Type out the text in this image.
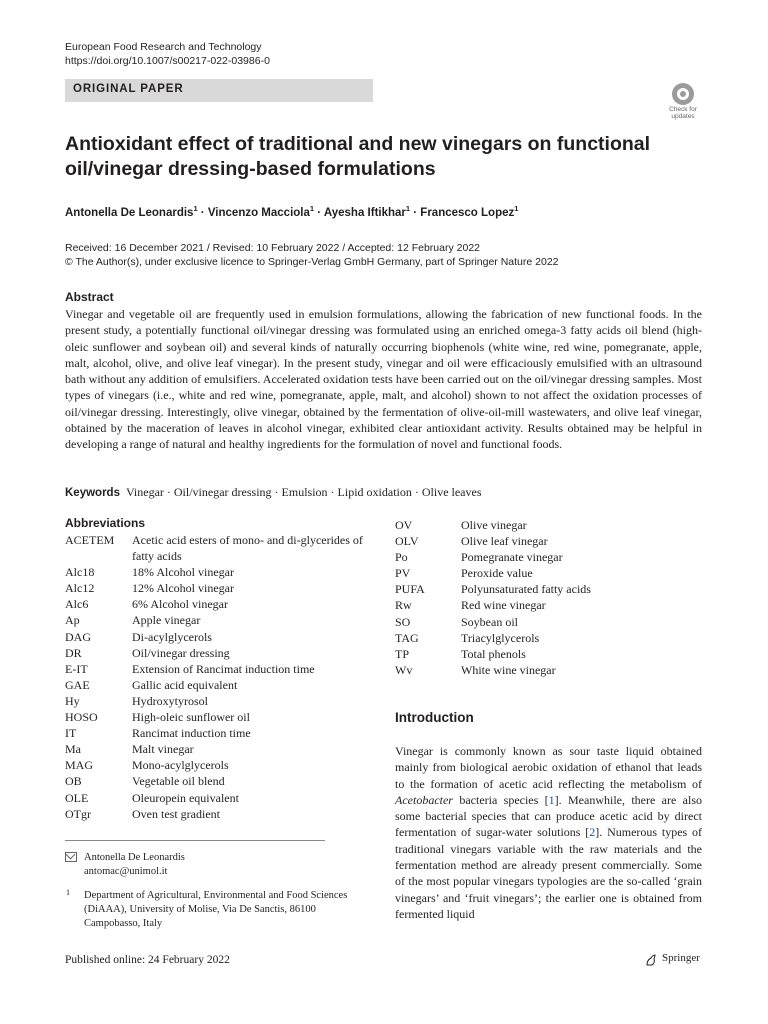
European Food Research and Technology
https://doi.org/10.1007/s00217-022-03986-0
ORIGINAL PAPER
Check for
updates
Antioxidant effect of traditional and new vinegars on functional oil/vinegar dressing-based formulations
Antonella De Leonardis$^1$ · Vincenzo Macciola$^1$ · Ayesha Iftikhar$^1$ · Francesco Lopez$^1$
Received: 16 December 2021 / Revised: 10 February 2022 / Accepted: 12 February 2022
© The Author(s), under exclusive licence to Springer-Verlag GmbH Germany, part of Springer Nature 2022
Abstract
Vinegar and vegetable oil are frequently used in emulsion formulations, allowing the fabrication of new functional foods. In the present study, a potentially functional oil/vinegar dressing was formulated using an enriched omega-3 fatty acids oil blend (high-oleic sunflower and soybean oil) and several kinds of naturally occurring biophenols (white wine, red wine, pomegranate, apple, malt, alcohol, olive, and olive leaf vinegar). In the present study, vinegar and oil were efficaciously emulsified with an ultrasound bath without any addition of emulsifiers. Accelerated oxidation tests have been carried out on the oil/vinegar dressing samples. Most types of vinegars (i.e., white and red wine, pomegranate, apple, malt, and alcohol) shown to not affect the oxidation processes of oil/vinegar dressing. Interestingly, olive vinegar, obtained by the fermentation of olive-oil-mill wastewaters, and olive leaf vinegar, obtained by the maceration of leaves in alcohol vinegar, exhibited clear antioxidant activity. Results obtained may be helpful in developing a range of natural and healthy ingredients for the formulation of novel and functional foods.
Keywords Vinegar · Oil/vinegar dressing · Emulsion · Lipid oxidation · Olive leaves
Abbreviations
ACETEM	Acetic acid esters of mono- and di-glycerides of fatty acids
Alc18	18% Alcohol vinegar
Alc12	12% Alcohol vinegar
Alc6	6% Alcohol vinegar
Ap	Apple vinegar
DAG	Di-acylglycerols
DR	Oil/vinegar dressing
E-IT	Extension of Rancimat induction time
GAE	Gallic acid equivalent
Hy	Hydroxytyrosol
HOSO	High-oleic sunflower oil
IT	Rancimat induction time
Ma	Malt vinegar
MAG	Mono-acylglycerols
OB	Vegetable oil blend
OLE	Oleuropein equivalent
OTgr	Oven test gradient
OV	Olive vinegar
OLV	Olive leaf vinegar
Po	Pomegranate vinegar
PV	Peroxide value
PUFA	Polyunsaturated fatty acids
Rw	Red wine vinegar
SO	Soybean oil
TAG	Triacylglycerols
TP	Total phenols
Wv	White wine vinegar
Introduction
Vinegar is commonly known as sour taste liquid obtained mainly from biological aerobic oxidation of ethanol that leads to the formation of acetic acid reflecting the metabolism of Acetobacter bacteria species [1]. Meanwhile, there are also some bacterial species that can produce acetic acid by direct fermentation of sugar-water solutions [2]. Numerous types of traditional vinegars variable with the raw materials and the fermentation method are already present commercially. Some of the most popular vinegars typologies are the so-called ‘grain vinegars’ and ‘fruit vinegars’; the earlier one is obtained from fermented liquid
Antonella De Leonardis
antomac@unimol.it
1 Department of Agricultural, Environmental and Food Sciences (DiAAA), University of Molise, Via De Sanctis, 86100 Campobasso, Italy
Published online: 24 February 2022	Springer
